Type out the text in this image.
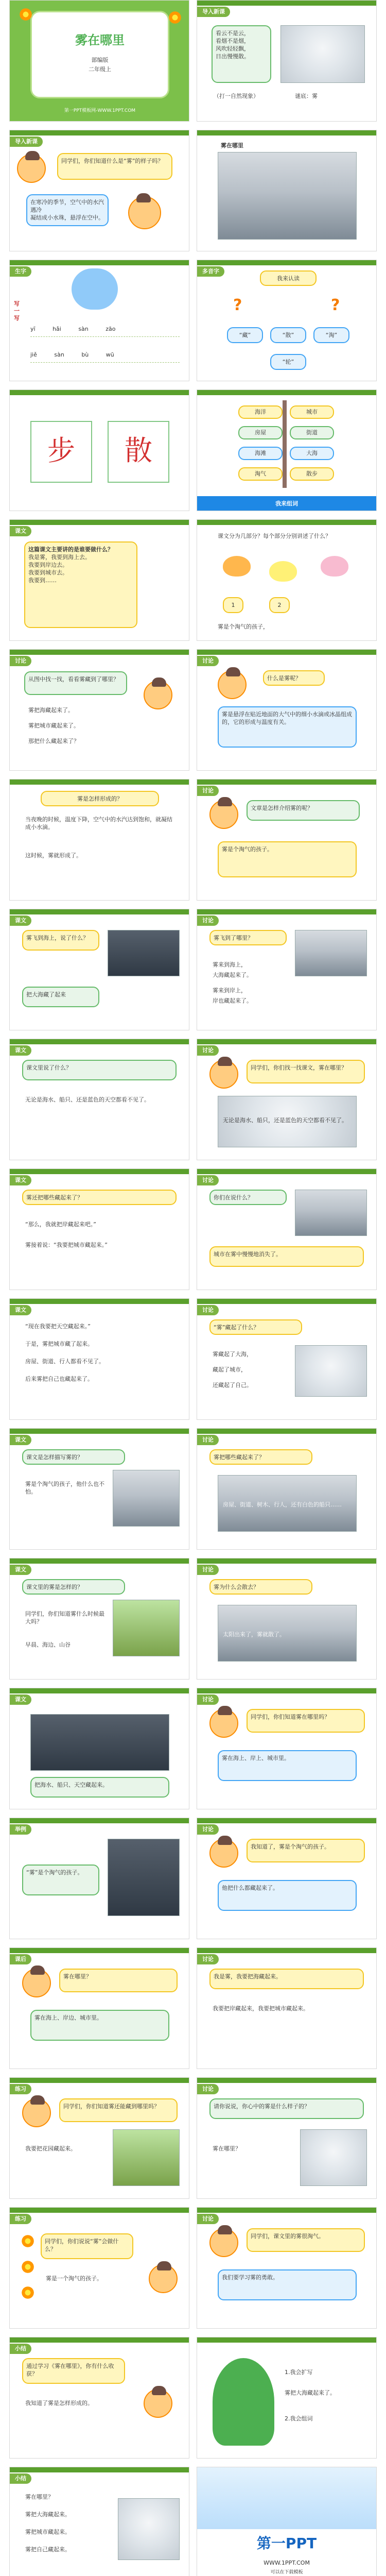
雾在哪里
部编版
二年级上
第一PPT模板网-WWW.1PPT.COM
导入新课
看云不是云，
看烟不是烟，
风吹轻轻飘，
日出慢慢散。
（打一自然现象）	谜底：雾
导入新课
同学们，你们知道什么是“雾”的样子吗？
在寒冷的季节，空气中的水汽遇冷
凝结成小水珠，悬浮在空中。
雾在哪里
生字
写一写
yī hǎi sàn zāo
jiě sàn bù wū
多音字
我来认读
?	?
“藏”	“散”	“淘”
“轮”
步	散
海洋	城市
房屋	街道
海滩	大海
淘气	散步
我来组词
课文
这篇课文主要讲的是谁要做什么？
我是雾，我要到海上去。
我要到岸边去。
我要到城市去。
我要到……
课文分为几部分？每个部分分别讲述了什么？
1	2
雾是个淘气的孩子，
讨论
从图中找一找，看看雾藏到了哪里？
雾把海藏起来了。
雾把城市藏起来了。
那把什么藏起来了？
讨论
什么是雾呢？
雾是悬浮在贴近地面的大气中的细小水滴或冰晶组成的，它的形成与温度有关。
雾是怎样形成的？
当夜晚的时候，温度下降，空气中的水汽达到饱和，就凝结成小水滴。
这时候，雾就形成了。
讨论
文章是怎样介绍雾的呢？
雾是个淘气的孩子。
课文
雾飞到海上，说了什么？
把大海藏了起来
讨论
雾飞到了哪里？
雾来到海上，
大海藏起来了。
雾来到岸上，
岸也藏起来了。
课文
课文里说了什么？
无论是海水、船只、还是蓝色的天空都看不见了。
讨论
同学们，你们找一找课文，雾在哪里？
无论是海水、船只，还是蓝色的天空都看不见了。
课文
雾还把哪些藏起来了？
“那么，我就把岸藏起来吧。”
雾接着说：“我要把城市藏起来。”
讨论
你们在说什么？
城市在雾中慢慢地消失了。
课文
“现在我要把天空藏起来。”
于是，雾把城市藏了起来。
房屋、街道、行人都看不见了。
后来雾把自己也藏起来了。
讨论
“雾”藏起了什么？
雾藏起了大海，
藏起了城市，
还藏起了自己。
课文
课文是怎样描写雾的？
雾是个淘气的孩子，他什么也不怕。
讨论
雾把哪些藏起来了？
房屋、街道、树木、行人，还有白色的船只……
课文
课文里的雾是怎样的？
同学们，你们知道雾什么时候最大吗？
早晨、海边、山谷
讨论
雾为什么会散去？
太阳出来了，雾就散了。
课文
把海水、船只、天空藏起来。
讨论
同学们，你们知道雾在哪里吗？
雾在海上、岸上、城市里。
举例
“雾”是个淘气的孩子。
讨论
我知道了，雾是个淘气的孩子。
他把什么都藏起来了。
课后
雾在哪里？
雾在海上、岸边、城市里。
讨论
我是雾，我要把海藏起来。
我要把岸藏起来，我要把城市藏起来。
练习
同学们，你们知道雾还能藏到哪里吗？
我要把花园藏起来。
讨论
请你说说，你心中的雾是什么样子的？
雾在哪里？
练习
同学们，你们说说“雾”会做什么？
雾是一个淘气的孩子。
讨论
同学们，课文里的雾很淘气。
我们要学习雾的勇敢。
小结
通过学习《雾在哪里》，你有什么收获？
我知道了雾是怎样形成的。
1.我会扩写
雾把大海藏起来了。
2.我会组词
小结
雾在哪里？
雾把大海藏起来。
雾把城市藏起来。
雾把自己藏起来。	第一PPT
WWW.1PPT.COM
可以在下载模板
